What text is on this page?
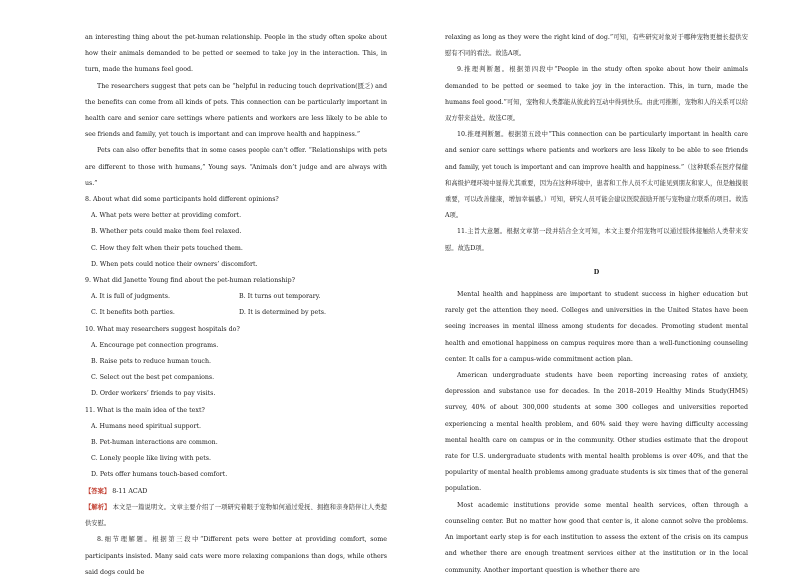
an interesting thing about the pet-human relationship. People in the study often spoke about how their animals demanded to be petted or seemed to take joy in the interaction. This, in turn, made the humans feel good.

The researchers suggest that pets can be “helpful in reducing touch deprivation(匮乏) and the benefits can come from all kinds of pets. This connection can be particularly important in health care and senior care settings where patients and workers are less likely to be able to see friends and family, yet touch is important and can improve health and happiness.”

Pets can also offer benefits that in some cases people can’t offer. “Relationships with pets are different to those with humans,” Young says. “Animals don’t judge and are always with us.”

8. About what did some participants hold different opinions?

A. What pets were better at providing comfort.

B. Whether pets could make them feel relaxed.

C. How they felt when their pets touched them.

D. When pets could notice their owners’ discomfort.

9. What did Janette Young find about the pet-human relationship?

A. It is full of judgments.	B. It turns out temporary.
C. It benefits both parties.	D. It is determined by pets.

10. What may researchers suggest hospitals do?

A. Encourage pet connection programs.

B. Raise pets to reduce human touch.

C. Select out the best pet companions.

D. Order workers’ friends to pay visits.

11. What is the main idea of the text?

A. Humans need spiritual support.

B. Pet-human interactions are common.

C. Lonely people like living with pets.

D. Pets offer humans touch-based comfort.

【答案】 8-11 ACAD

【解析】 本文是一篇说明文。文章主要介绍了一项研究着眼于宠物如何通过爱抚、拥抱和亲身陪伴让人类提供安慰。

8.细节理解题。根据第三段中“Different pets were better at providing comfort, some participants insisted. Many said cats were more relaxing companions than dogs, while others said dogs could be

relaxing as long as they were the right kind of dog.”可知，有些研究对象对于哪种宠物更擅长提供安慰有不同的看法。故选A项。

9.推理判断题。根据第四段中“People in the study often spoke about how their animals demanded to be petted or seemed to take joy in the interaction. This, in turn, made the humans feel good.”可知，宠物和人类都能从彼此的互动中得到快乐。由此可推断，宠物和人的关系可以给双方带来益处。故选C项。

10.推理判断题。根据第五段中“This connection can be particularly important in health care and senior care settings where patients and workers are less likely to be able to see friends and family, yet touch is important and can improve health and happiness.”（这种联系在医疗保健和高级护理环境中显得尤其重要，因为在这种环境中，患者和工作人员不太可能见到朋友和家人，但是触摸很重要，可以改善健康，增加幸福感。）可知，研究人员可能会建议医院鼓励开展与宠物建立联系的项目。故选A项。

11.主旨大意题。根据文章第一段并结合全文可知，本文主要介绍宠物可以通过肢体接触给人类带来安慰。故选D项。

D

Mental health and happiness are important to student success in higher education but rarely get the attention they need. Colleges and universities in the United States have been seeing increases in mental illness among students for decades. Promoting student mental health and emotional happiness on campus requires more than a well-functioning counseling center. It calls for a campus-wide commitment action plan.

American undergraduate students have been reporting increasing rates of anxiety, depression and substance use for decades. In the 2018–2019 Healthy Minds Study(HMS) survey, 40% of about 300,000 students at some 300 colleges and universities reported experiencing a mental health problem, and 60% said they were having difficulty accessing mental health care on campus or in the community. Other studies estimate that the dropout rate for U.S. undergraduate students with mental health problems is over 40%, and that the popularity of mental health problems among graduate students is six times that of the general population.

Most academic institutions provide some mental health services, often through a counseling center. But no matter how good that center is, it alone cannot solve the problems. An important early step is for each institution to assess the extent of the crisis on its campus and whether there are enough treatment services either at the institution or in the local community. Another important question is whether there are
